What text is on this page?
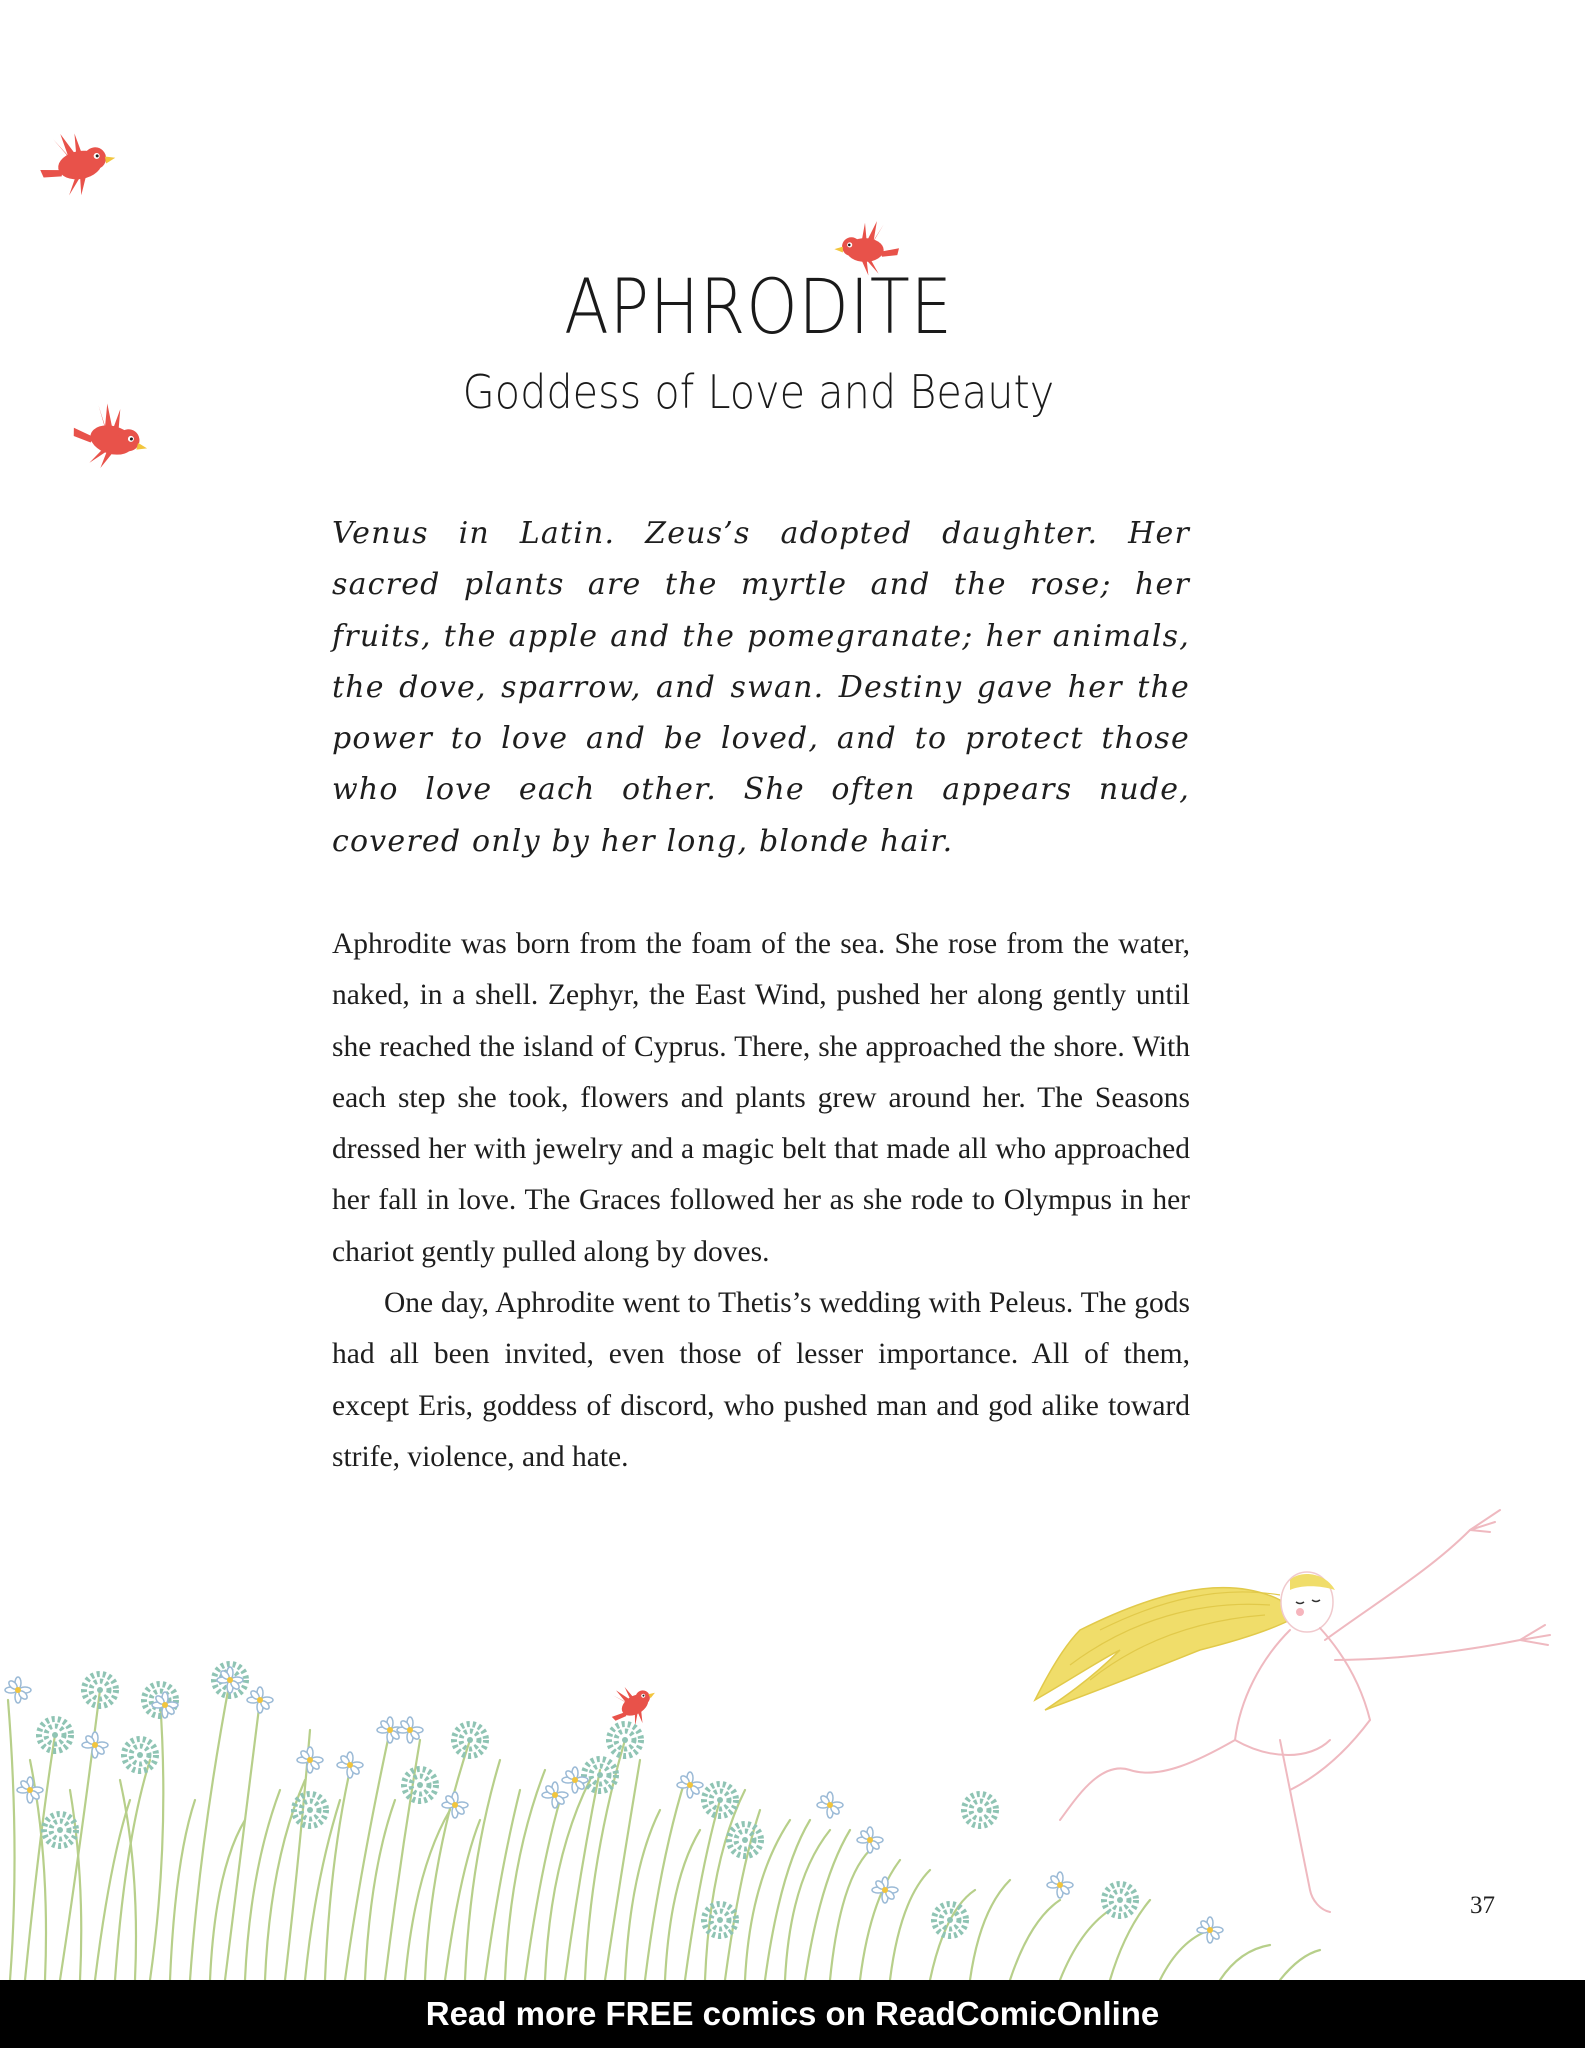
APHRODITE
Goddess of Love and Beauty
Venus in Latin. Zeus’s adopted daughter. Her sacred plants are the myrtle and the rose; her fruits, the apple and the pomegranate; her animals, the dove, sparrow, and swan. Destiny gave her the power to love and be loved, and to protect those who love each other. She often appears nude, covered only by her long, blonde hair.

Aphrodite was born from the foam of the sea. She rose from the water, naked, in a shell. Zephyr, the East Wind, pushed her along gently until she reached the island of Cyprus. There, she approached the shore. With each step she took, flowers and plants grew around her. The Seasons dressed her with jewelry and a magic belt that made all who approached her fall in love. The Graces followed her as she rode to Olympus in her chariot gently pulled along by doves.

One day, Aphrodite went to Thetis’s wedding with Peleus. The gods had all been invited, even those of lesser importance. All of them, except Eris, goddess of discord, who pushed man and god alike toward strife, violence, and hate.

37
Read more FREE comics on ReadComicOnline
